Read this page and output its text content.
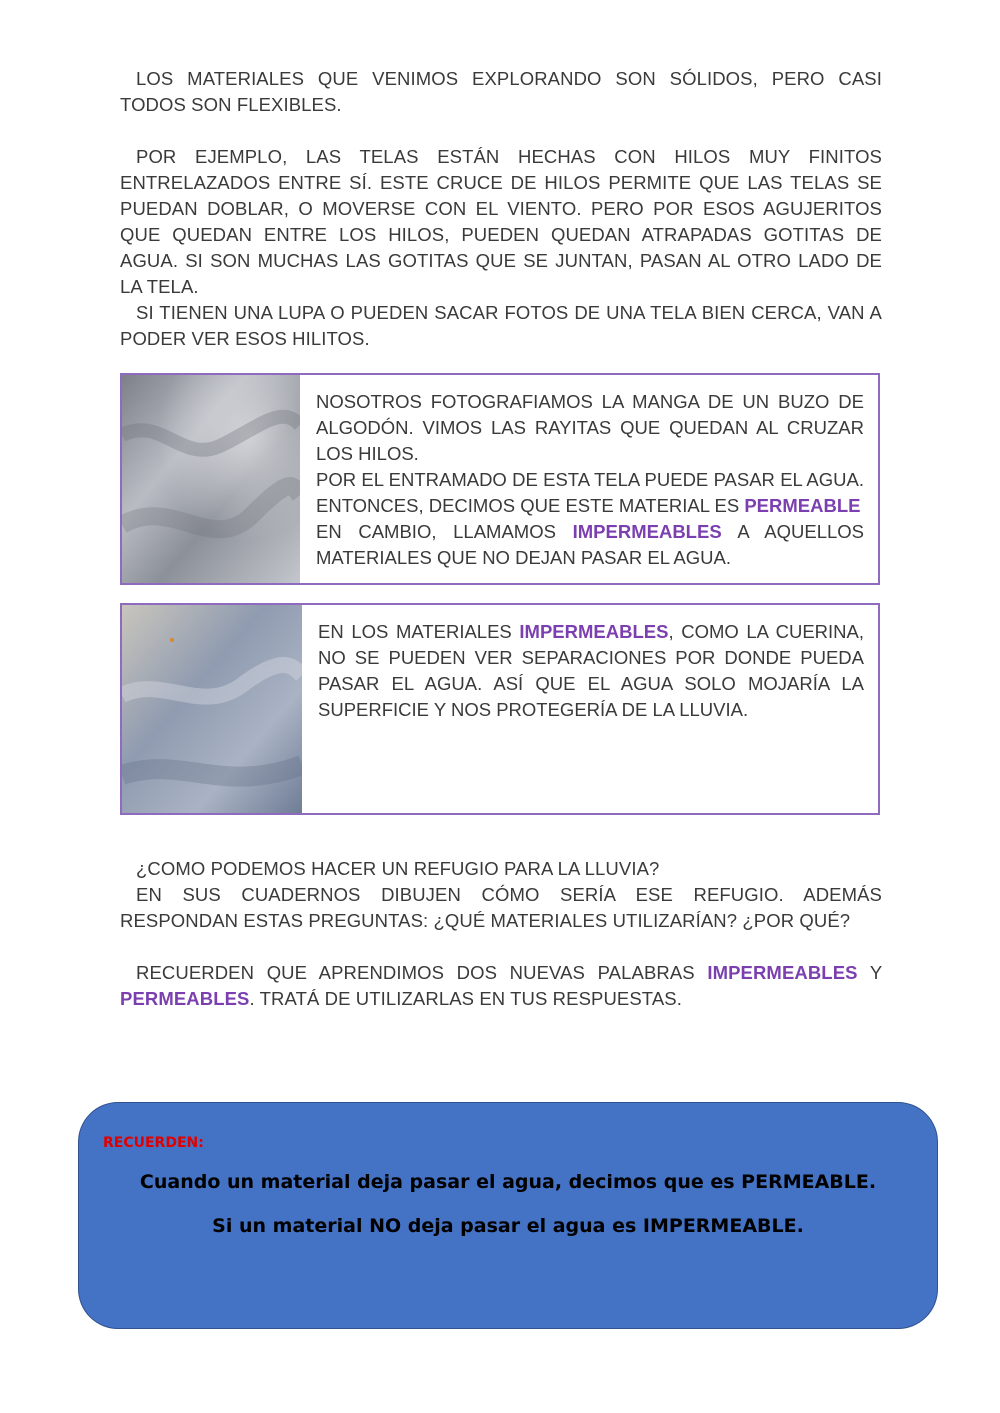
LOS MATERIALES QUE VENIMOS EXPLORANDO SON SÓLIDOS, PERO CASI TODOS SON FLEXIBLES.

POR EJEMPLO, LAS TELAS ESTÁN HECHAS CON HILOS MUY FINITOS ENTRELAZADOS ENTRE SÍ. ESTE CRUCE DE HILOS PERMITE QUE LAS TELAS SE PUEDAN DOBLAR, O MOVERSE CON EL VIENTO. PERO POR ESOS AGUJERITOS QUE QUEDAN ENTRE LOS HILOS, PUEDEN QUEDAN ATRAPADAS GOTITAS DE AGUA. SI SON MUCHAS LAS GOTITAS QUE SE JUNTAN, PASAN AL OTRO LADO DE LA TELA.

SI TIENEN UNA LUPA O PUEDEN SACAR FOTOS DE UNA TELA BIEN CERCA, VAN A PODER VER ESOS HILITOS.

NOSOTROS FOTOGRAFIAMOS LA MANGA DE UN BUZO DE ALGODÓN. VIMOS LAS RAYITAS QUE QUEDAN AL CRUZAR LOS HILOS.
POR EL ENTRAMADO DE ESTA TELA PUEDE PASAR EL AGUA. ENTONCES, DECIMOS QUE ESTE MATERIAL ES PERMEABLE
EN CAMBIO, LLAMAMOS IMPERMEABLES A AQUELLOS MATERIALES QUE NO DEJAN PASAR EL AGUA.
EN LOS MATERIALES IMPERMEABLES, COMO LA CUERINA, NO SE PUEDEN VER SEPARACIONES POR DONDE PUEDA PASAR EL AGUA. ASÍ QUE EL AGUA SOLO MOJARÍA LA SUPERFICIE Y NOS PROTEGERÍA DE LA LLUVIA.

¿COMO PODEMOS HACER UN REFUGIO PARA LA LLUVIA?

EN SUS CUADERNOS DIBUJEN CÓMO SERÍA ESE REFUGIO. ADEMÁS RESPONDAN ESTAS PREGUNTAS: ¿QUÉ MATERIALES UTILIZARÍAN? ¿POR QUÉ?

RECUERDEN QUE APRENDIMOS DOS NUEVAS PALABRAS IMPERMEABLES Y PERMEABLES. TRATÁ DE UTILIZARLAS EN TUS RESPUESTAS.

RECUERDEN:
Cuando un material deja pasar el agua, decimos que es PERMEABLE.
Si un material NO deja pasar el agua es IMPERMEABLE.
